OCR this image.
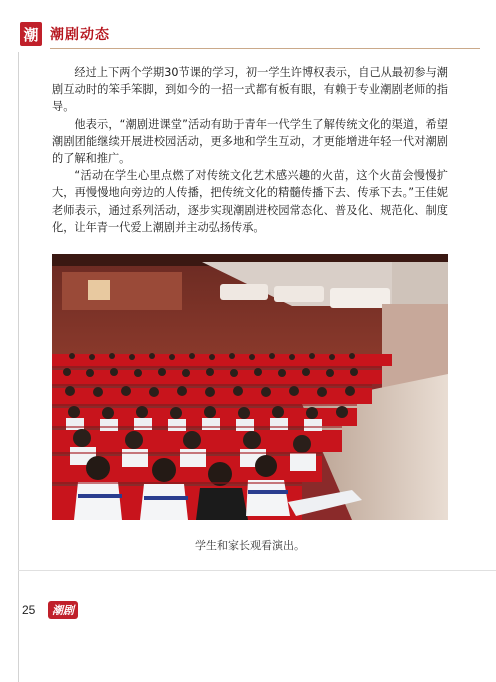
潮 潮剧动态

经过上下两个学期30节课的学习，初一学生许博权表示，自己从最初参与潮剧互动时的笨手笨脚，到如今的一招一式都有板有眼，有赖于专业潮剧老师的指导。

他表示，“潮剧进课堂”活动有助于青年一代学生了解传统文化的渠道，希望潮剧团能继续开展进校园活动，更多地和学生互动，才更能增进年轻一代对潮剧的了解和推广。

“活动在学生心里点燃了对传统文化艺术感兴趣的火苗，这个火苗会慢慢扩大，再慢慢地向旁边的人传播，把传统文化的精髓传播下去、传承下去。”王佳妮老师表示，通过系列活动，逐步实现潮剧进校园常态化、普及化、规范化、制度化，让年青一代爱上潮剧并主动弘扬传承。

学生和家长观看演出。
25 潮剧
